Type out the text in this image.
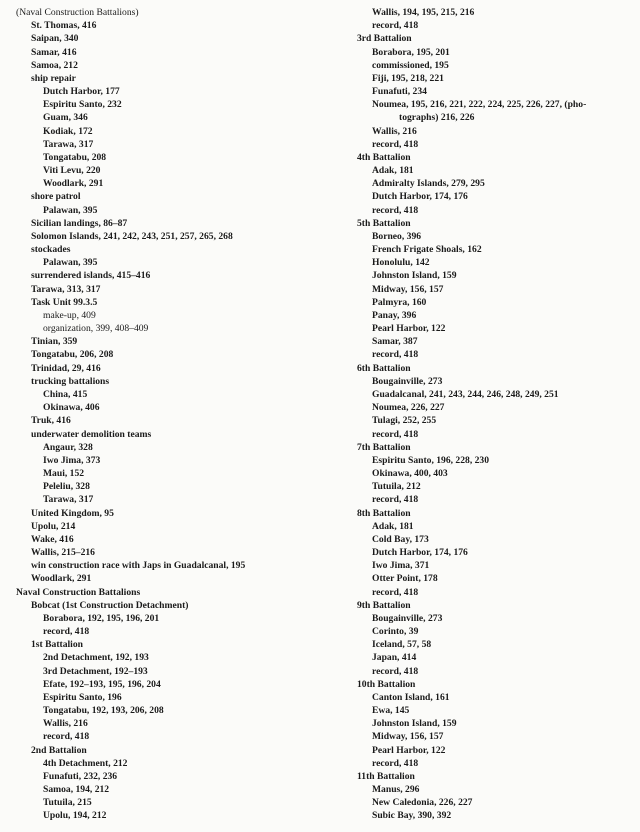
(Naval Construction Battalions)
St. Thomas, 416
Saipan, 340
Samar, 416
Samoa, 212
ship repair
Dutch Harbor, 177
Espiritu Santo, 232
Guam, 346
Kodiak, 172
Tarawa, 317
Tongatabu, 208
Viti Levu, 220
Woodlark, 291
shore patrol
Palawan, 395
Sicilian landings, 86–87
Solomon Islands, 241, 242, 243, 251, 257, 265, 268
stockades
Palawan, 395
surrendered islands, 415–416
Tarawa, 313, 317
Task Unit 99.3.5
make-up, 409
organization, 399, 408–409
Tinian, 359
Tongatabu, 206, 208
Trinidad, 29, 416
trucking battalions
China, 415
Okinawa, 406
Truk, 416
underwater demolition teams
Angaur, 328
Iwo Jima, 373
Maui, 152
Peleliu, 328
Tarawa, 317
United Kingdom, 95
Upolu, 214
Wake, 416
Wallis, 215–216
win construction race with Japs in Guadalcanal, 195
Woodlark, 291
Naval Construction Battalions
Bobcat (1st Construction Detachment)
Borabora, 192, 195, 196, 201
record, 418
1st Battalion
2nd Detachment, 192, 193
3rd Detachment, 192–193
Efate, 192–193, 195, 196, 204
Espiritu Santo, 196
Tongatabu, 192, 193, 206, 208
Wallis, 216
record, 418
2nd Battalion
4th Detachment, 212
Funafuti, 232, 236
Samoa, 194, 212
Tutuila, 215
Upolu, 194, 212
Wallis, 194, 195, 215, 216
record, 418
3rd Battalion
Borabora, 195, 201
commissioned, 195
Fiji, 195, 218, 221
Funafuti, 234
Noumea, 195, 216, 221, 222, 224, 225, 226, 227, (pho-
tographs) 216, 226
Wallis, 216
record, 418
4th Battalion
Adak, 181
Admiralty Islands, 279, 295
Dutch Harbor, 174, 176
record, 418
5th Battalion
Borneo, 396
French Frigate Shoals, 162
Honolulu, 142
Johnston Island, 159
Midway, 156, 157
Palmyra, 160
Panay, 396
Pearl Harbor, 122
Samar, 387
record, 418
6th Battalion
Bougainville, 273
Guadalcanal, 241, 243, 244, 246, 248, 249, 251
Noumea, 226, 227
Tulagi, 252, 255
record, 418
7th Battalion
Espiritu Santo, 196, 228, 230
Okinawa, 400, 403
Tutuila, 212
record, 418
8th Battalion
Adak, 181
Cold Bay, 173
Dutch Harbor, 174, 176
Iwo Jima, 371
Otter Point, 178
record, 418
9th Battalion
Bougainville, 273
Corinto, 39
Iceland, 57, 58
Japan, 414
record, 418
10th Battalion
Canton Island, 161
Ewa, 145
Johnston Island, 159
Midway, 156, 157
Pearl Harbor, 122
record, 418
11th Battalion
Manus, 296
New Caledonia, 226, 227
Subic Bay, 390, 392
